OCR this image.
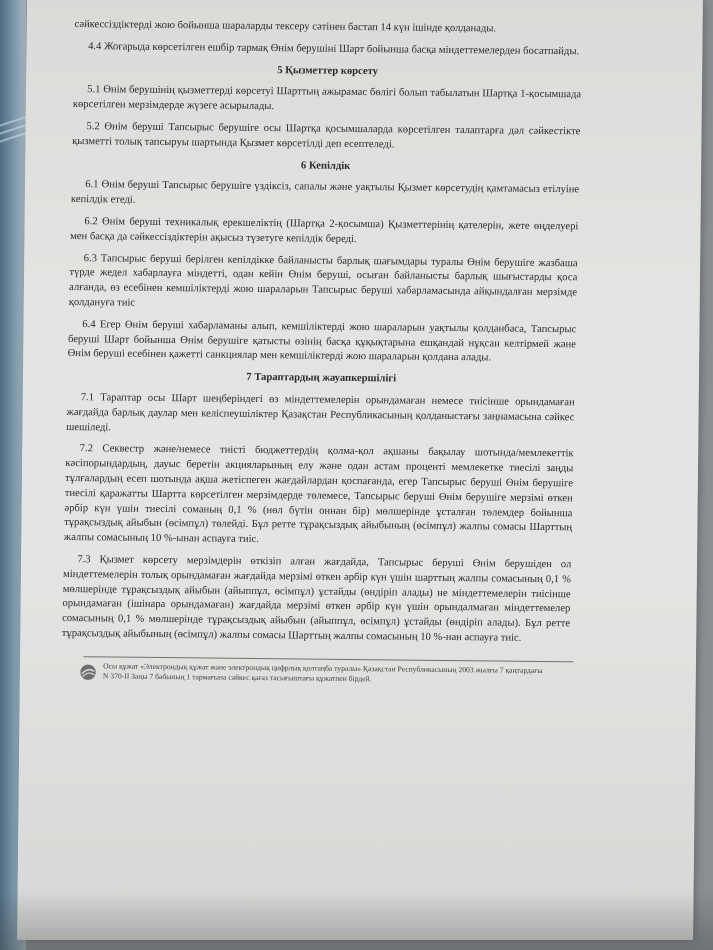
сәйкессіздіктерді жою бойынша шараларды тексеру сәтінен бастап 14 күн ішінде қолданады.

4.4 Жоғарыда көрсетілген ешбір тармақ Өнім берушіні Шарт бойынша басқа міндеттемелерден босатпайды.

5 Қызметтер көрсету

5.1 Өнім берушінің қызметтерді көрсетуі Шарттың ажырамас бөлігі болып табылатын Шартқа 1-қосымшада көрсетілген мерзімдерде жүзеге асырылады.

5.2 Өнім беруші Тапсырыс берушіге осы Шартқа қосымшаларда көрсетілген талаптарға дәл сәйкестікте қызметті толық тапсыруы шартында Қызмет көрсетілді деп есептеледі.

6 Кепілдік

6.1 Өнім беруші Тапсырыс берушіге үздіксіз, сапалы және уақтылы Қызмет көрсетудің қамтамасыз етілуіне кепілдік етеді.

6.2 Өнім беруші техникалық ерекшеліктің (Шартқа 2-қосымша) Қызметтерінің қателерін, жете өңделуері мен басқа да сәйкессіздіктерін ақысыз түзетуге кепілдік береді.

6.3 Тапсырыс беруші берілген кепілдікке байланысты барлық шағымдары туралы Өнім берушіге жазбаша түрде жедел хабарлауға міндетті, одан кейін Өнім беруші, осыған байланысты барлық шығыстарды қоса алғанда, өз есебінен кемшіліктерді жою шараларын Тапсырыс беруші хабарламасында айқындалған мерзімде қолдануға тиіс

6.4 Егер Өнім беруші хабарламаны алып, кемшіліктерді жою шараларын уақтылы қолданбаса, Тапсырыс беруші Шарт бойынша Өнім берушіге қатысты өзінің басқа құқықтарына ешқандай нұқсан келтірмей және Өнім беруші есебінен қажетті санкциялар мен кемшіліктерді жою шараларын қолдана алады.

7 Тараптардың жауапкершілігі

7.1 Тараптар осы Шарт шеңберіндегі өз міндеттемелерін орындамаған немесе тиісінше орындамаған жағдайда барлық даулар мен келіспеушіліктер Қазақстан Республикасының қолданыстағы заңнамасына сәйкес шешіледі.

7.2 Секвестр және/немесе тиісті бюджеттердің қолма-қол ақшаны бақылау шотында/мемлекеттік кәсіпорындардың, дауыс беретін акцияларының елу және одан астам проценті мемлекетке тиесілі заңды тұлғалардың есеп шотында ақша жетіспеген жағдайлардан қоспағанда, егер Тапсырыс беруші Өнім берушіге тиесілі қаражатты Шартта көрсетілген мерзімдерде төлемесе, Тапсырыс беруші Өнім берушіге мерзімі өткен әрбір күн үшін тиесілі соманың 0,1 % (нөл бүтін оннан бір) мөлшерінде ұсталған төлемдер бойынша тұрақсыздық айыбын (өсімпұл) төлейді. Бұл ретте тұрақсыздық айыбының (өсімпұл) жалпы сомасы Шарттың жалпы сомасының 10 %-ынан аспауға тиіс.

7.3 Қызмет көрсету мерзімдерін өткізіп алған жағдайда, Тапсырыс беруші Өнім берушіден ол міндеттемелерін толық орындамаған жағдайда мерзімі өткен әрбір күн үшін шарттың жалпы сомасының 0,1 % мөлшерінде тұрақсыздық айыбын (айыппұл, өсімпұл) ұстайды (өндіріп алады) не міндеттемелерін тиісінше орындамаған (ішінара орындамаған) жағдайда мерзімі өткен әрбір күн үшін орындалмаған міндеттемелер сомасының 0,1 % мөлшерінде тұрақсыздық айыбын (айыппұл, өсімпұл) ұстайды (өндіріп алады). Бұл ретте тұрақсыздық айыбының (өсімпұл) жалпы сомасы Шарттың жалпы сомасының 10 %-нан аспауға тиіс.

Осы құжат «Электрондық құжат және электрондық цифрлық қолтаңба туралы» Қазақстан Республикасының 2003 жылғы 7 қаңтардағы N 370-II Заңы 7 бабының 1 тармағына сәйкес қағаз тасығыштағы құжатпен бірдей.
